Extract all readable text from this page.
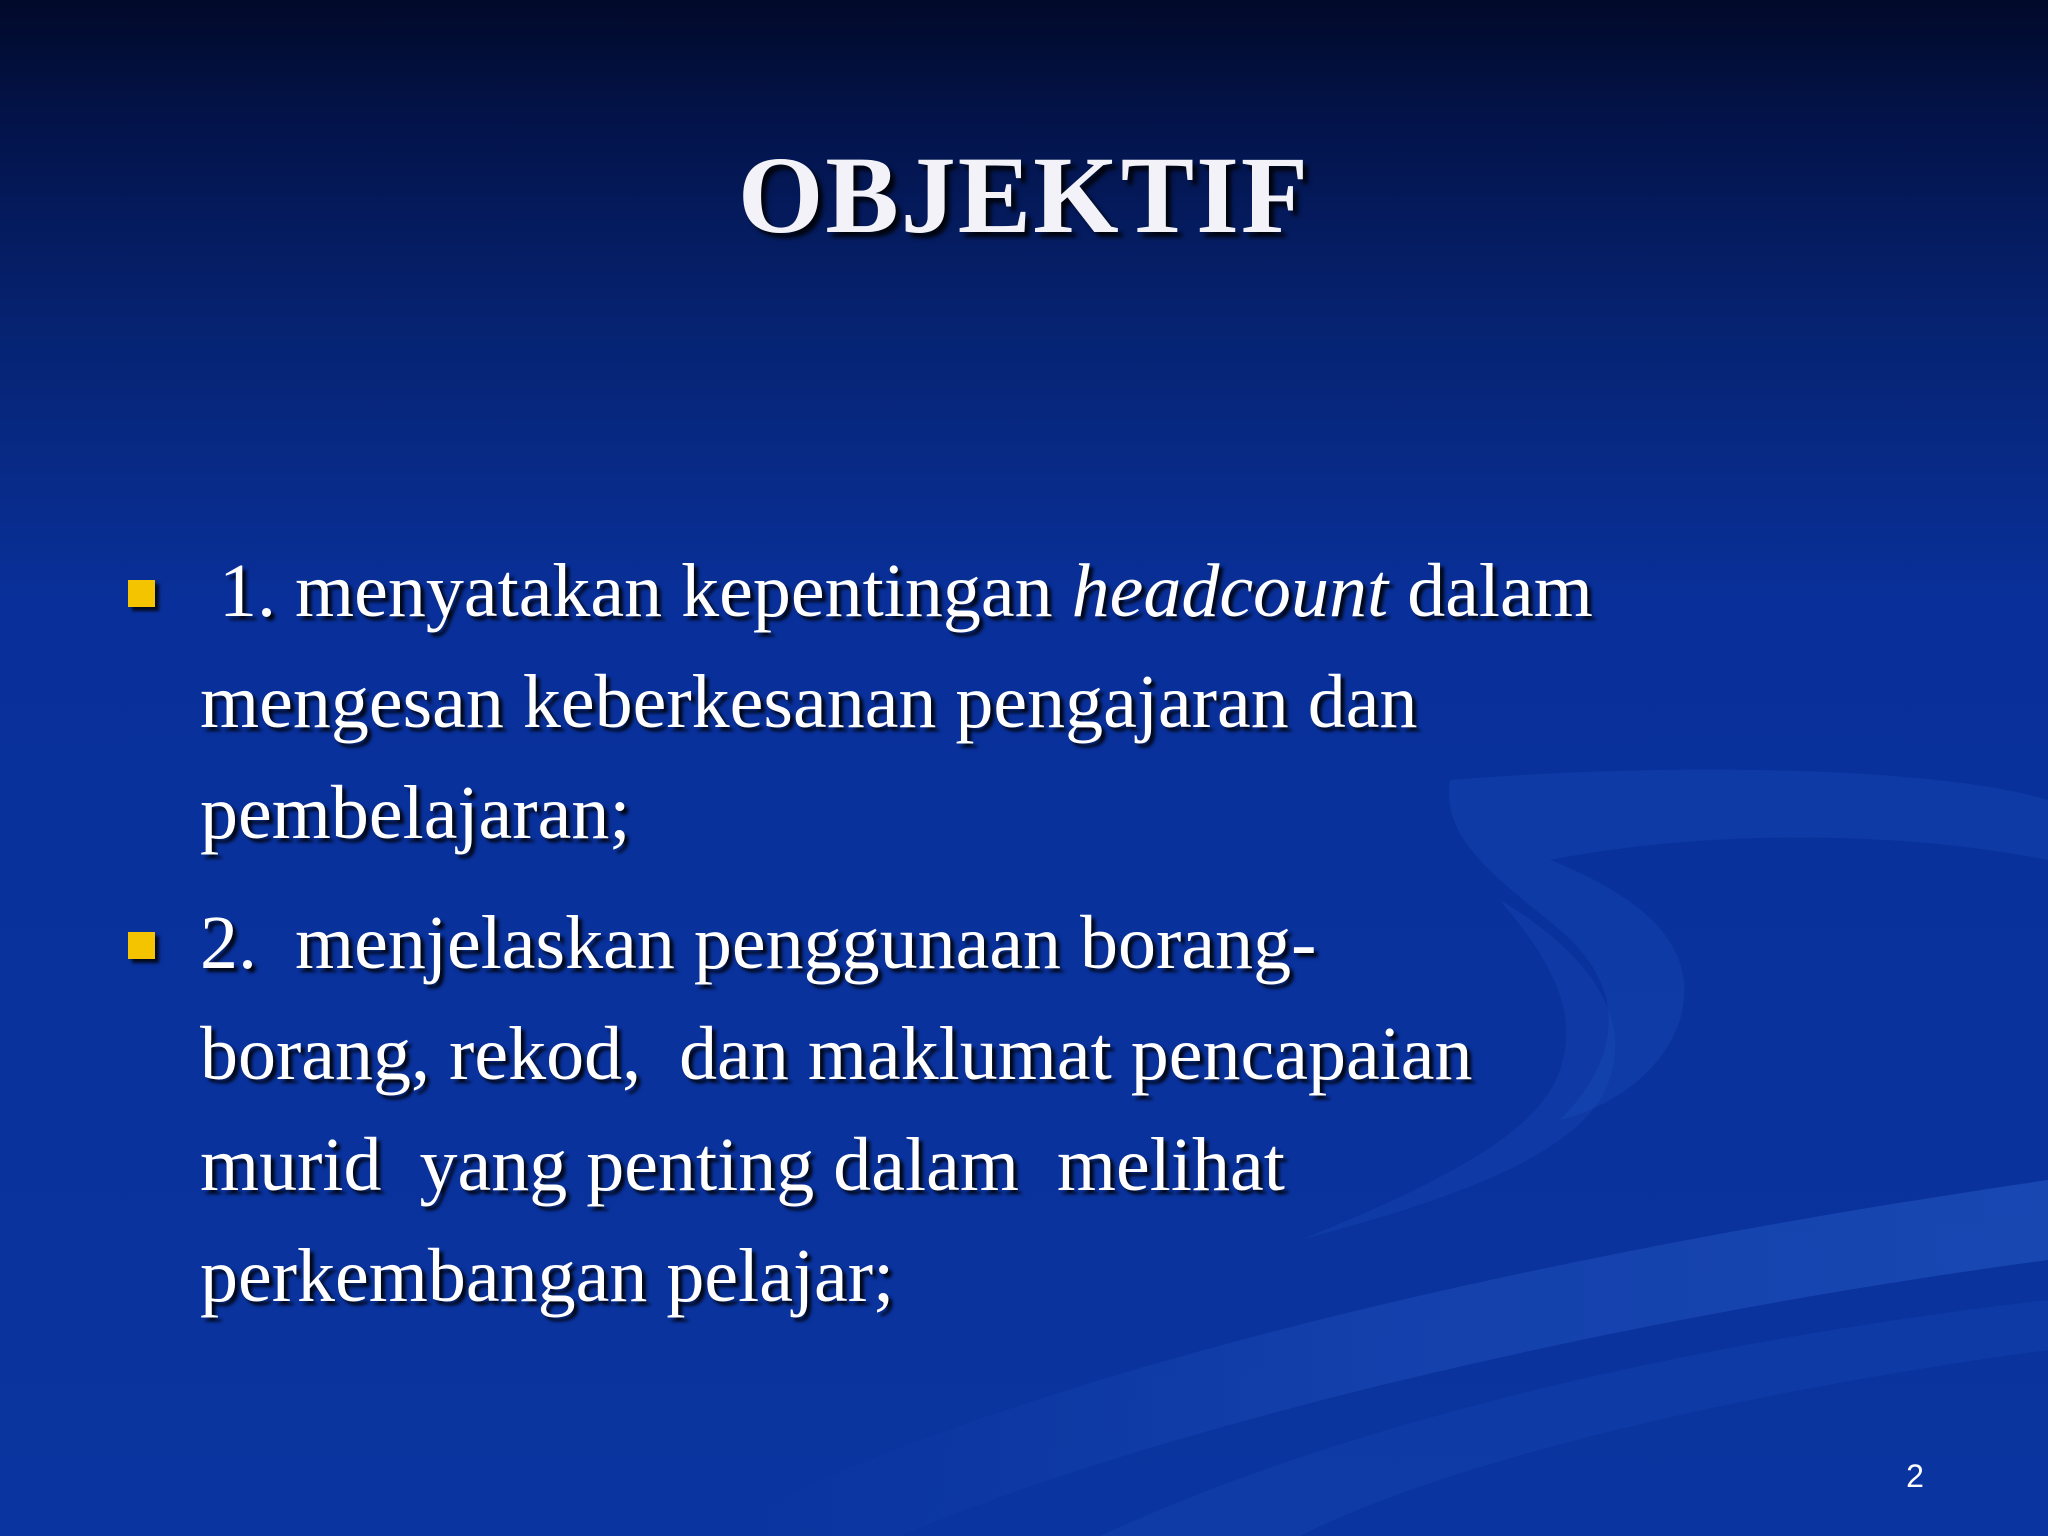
OBJEKTIF
1. menyatakan kepentingan headcount dalam
mengesan keberkesanan pengajaran dan
pembelajaran;
2.  menjelaskan penggunaan borang-
borang, rekod,  dan maklumat pencapaian
murid  yang penting dalam  melihat
perkembangan pelajar;
2
